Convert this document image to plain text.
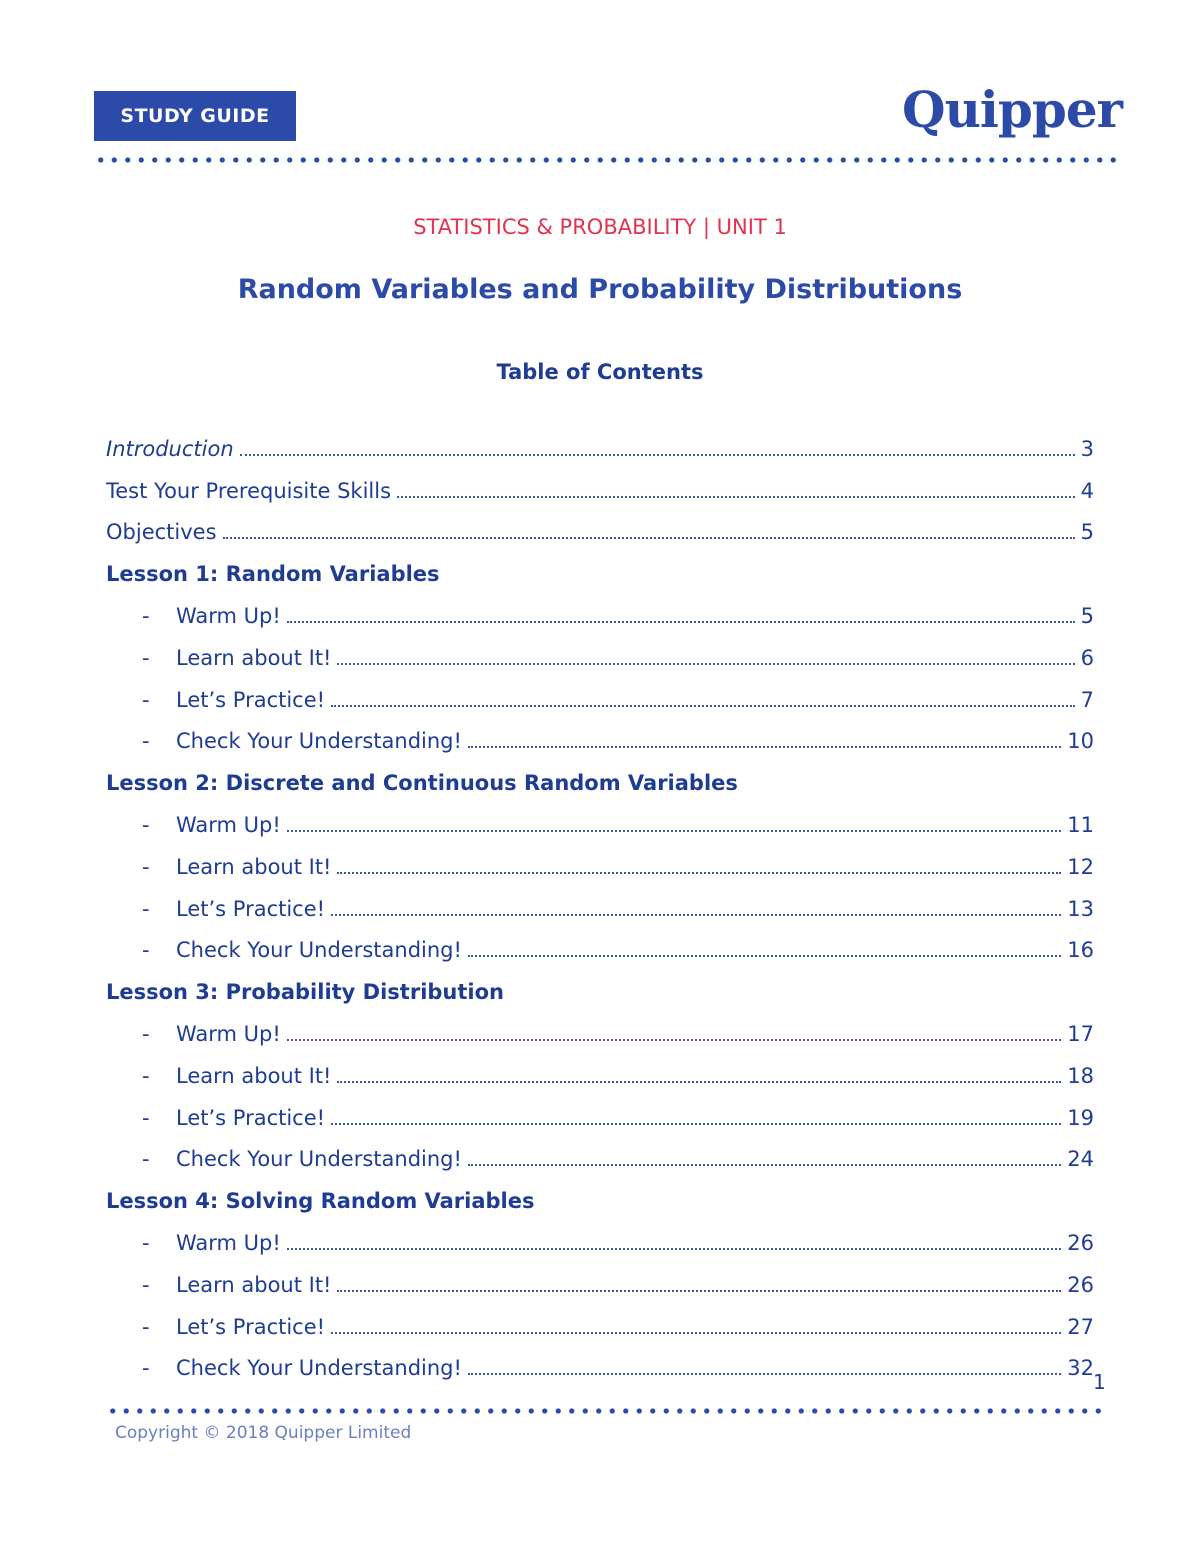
STUDY GUIDE	Quipper
STATISTICS & PROBABILITY | UNIT 1
Random Variables and Probability Distributions
Table of Contents
Introduction	3
Test Your Prerequisite Skills	4
Objectives	5
Lesson 1: Random Variables
-	Warm Up!	5
-	Learn about It!	6
-	Let’s Practice!	7
-	Check Your Understanding!	10
Lesson 2: Discrete and Continuous Random Variables
-	Warm Up!	11
-	Learn about It!	12
-	Let’s Practice!	13
-	Check Your Understanding!	16
Lesson 3: Probability Distribution
-	Warm Up!	17
-	Learn about It!	18
-	Let’s Practice!	19
-	Check Your Understanding!	24
Lesson 4: Solving Random Variables
-	Warm Up!	26
-	Learn about It!	26
-	Let’s Practice!	27
-	Check Your Understanding!	32
1
Copyright © 2018 Quipper Limited
